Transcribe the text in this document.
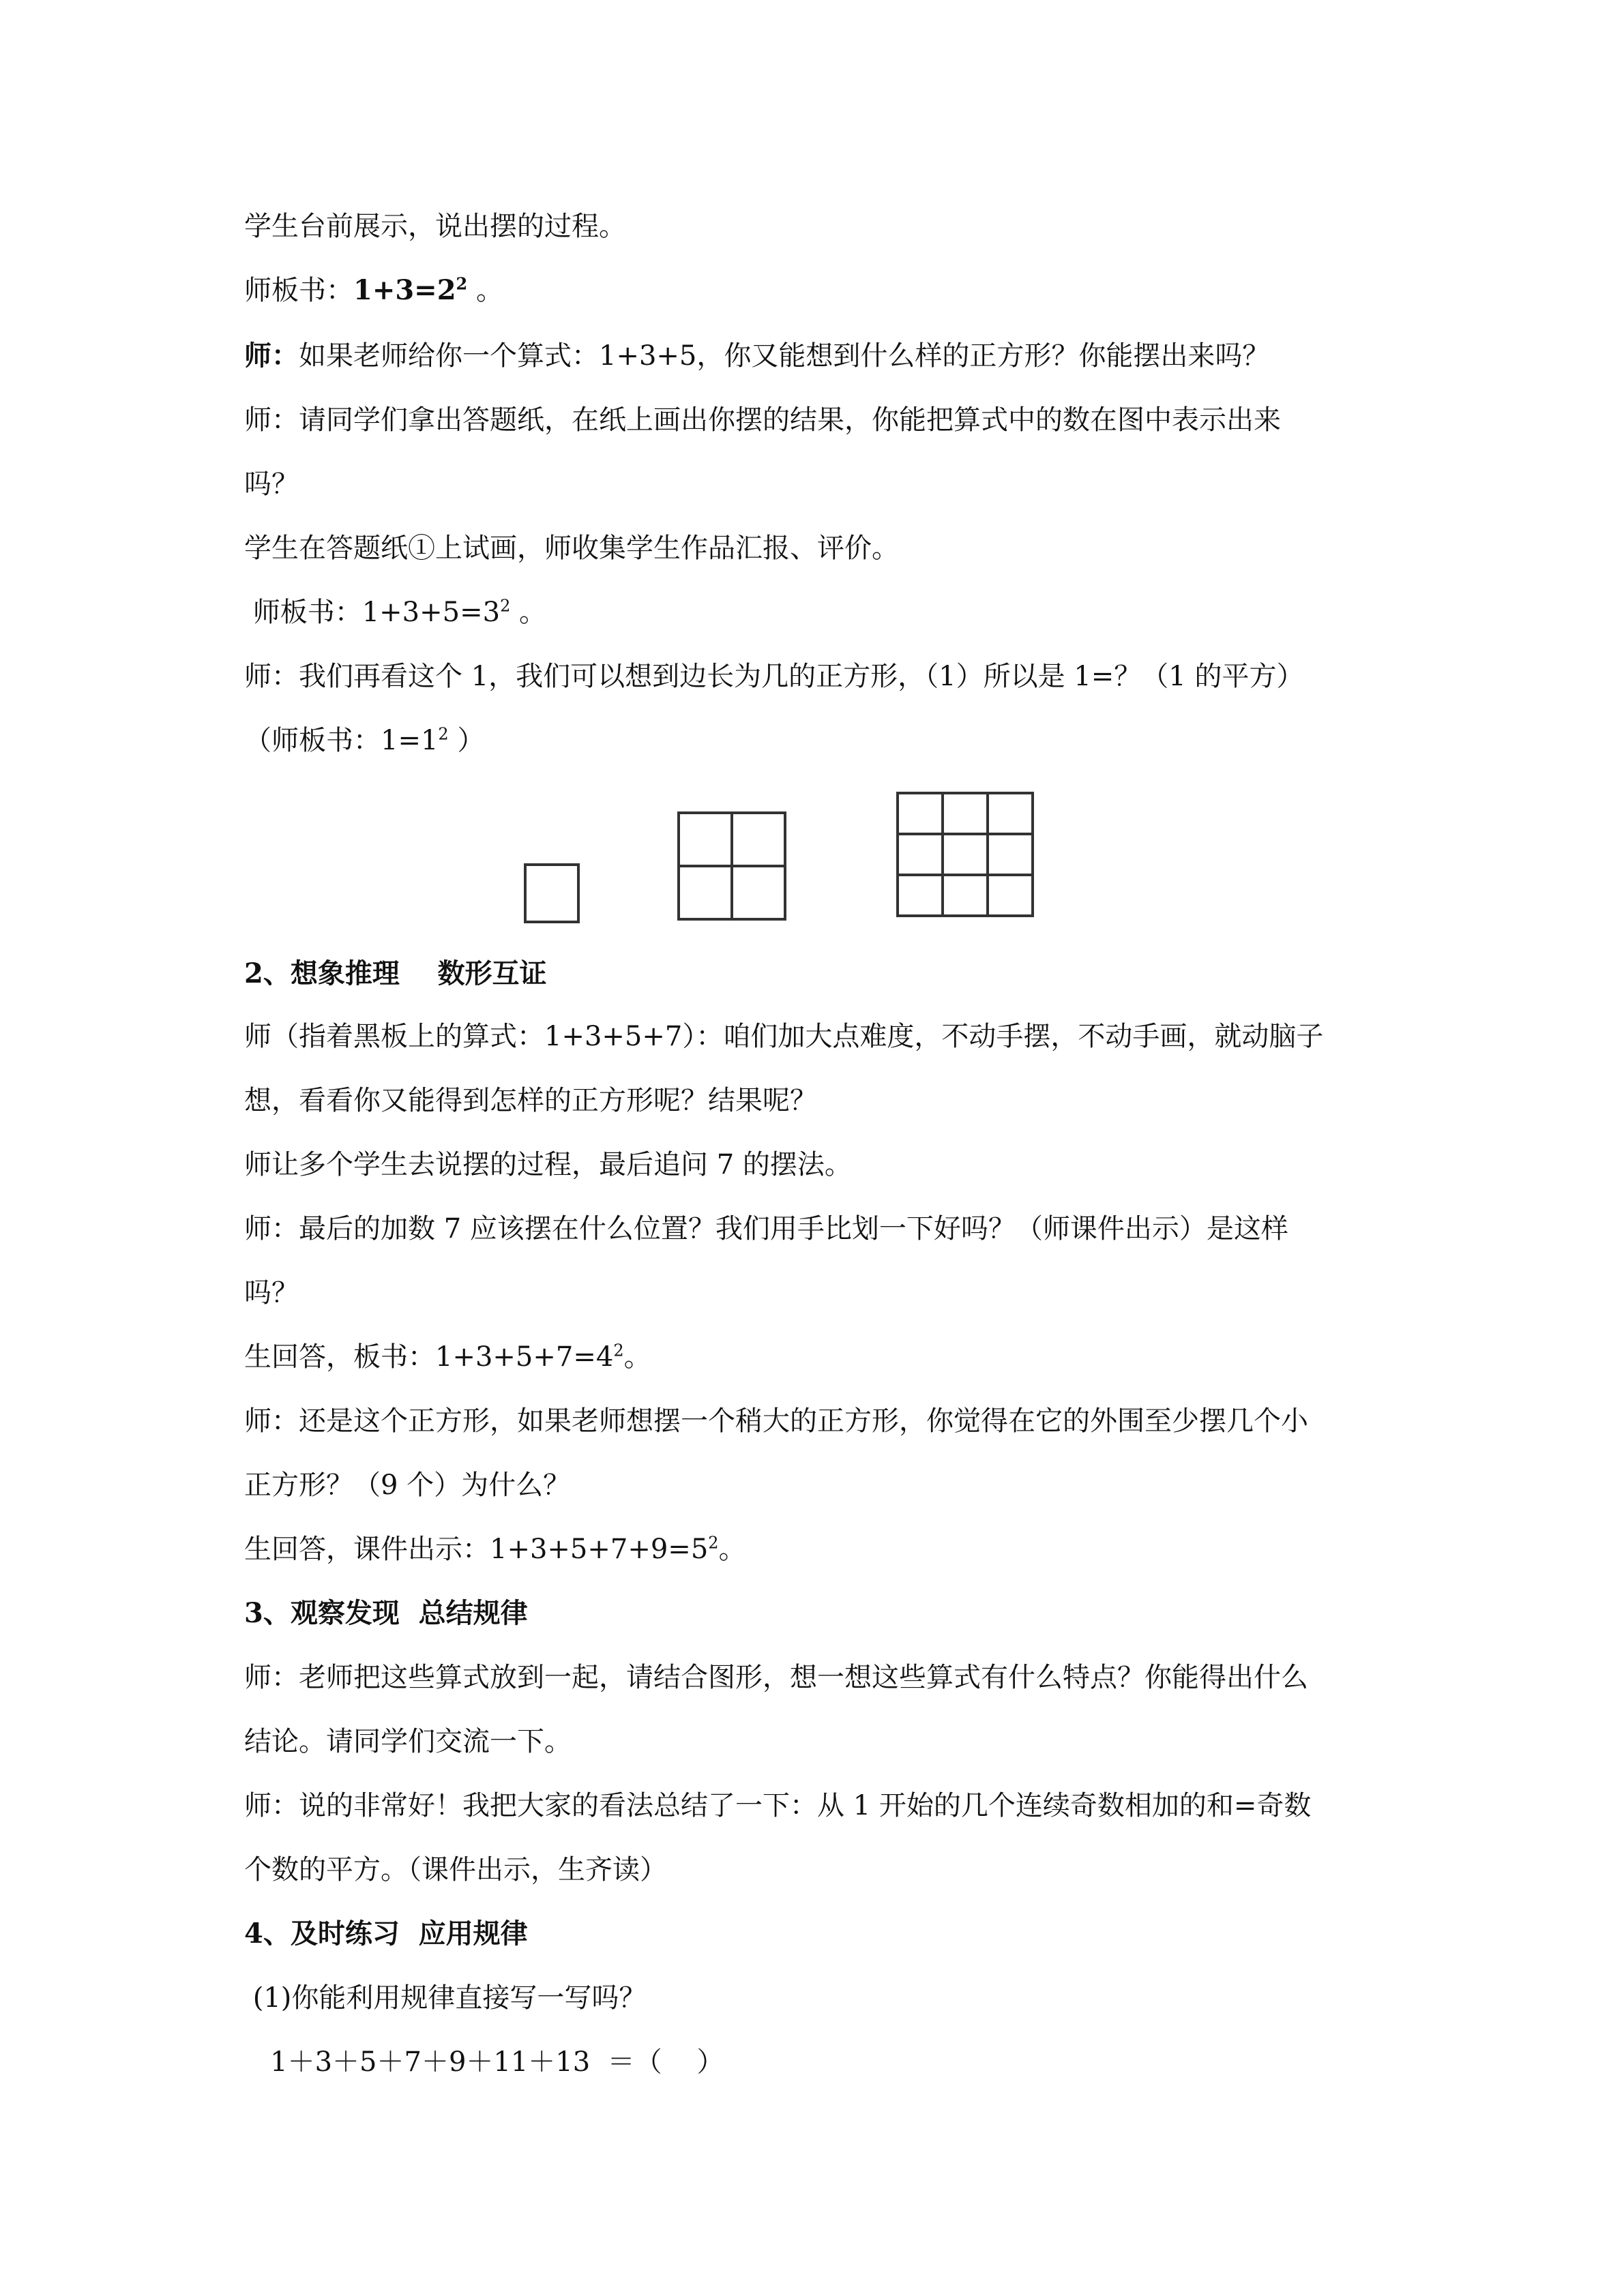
学生台前展示，说出摆的过程。

师板书：$1+3=2^2$ 。

师：如果老师给你一个算式：1+3+5，你又能想到什么样的正方形？你能摆出来吗？

师：请同学们拿出答题纸，在纸上画出你摆的结果，你能把算式中的数在图中表示出来

吗？

学生在答题纸①上试画，师收集学生作品汇报、评价。

师板书：$1+3+5=3^2$ 。

师：我们再看这个 1，我们可以想到边长为几的正方形，（1）所以是 1=？（1 的平方）

（师板书：$1=1^2$ ）

2、想象推理    数形互证

师（指着黑板上的算式：1+3+5+7）：咱们加大点难度，不动手摆，不动手画，就动脑子

想，看看你又能得到怎样的正方形呢？结果呢？

师让多个学生去说摆的过程，最后追问 7 的摆法。

师：最后的加数 7 应该摆在什么位置？我们用手比划一下好吗？（师课件出示）是这样

吗？

生回答，板书：$1+3+5+7=4^2$。

师：还是这个正方形，如果老师想摆一个稍大的正方形，你觉得在它的外围至少摆几个小

正方形？（9 个）为什么？

生回答，课件出示：$1+3+5+7+9=5^2$。

3、观察发现  总结规律

师：老师把这些算式放到一起，请结合图形，想一想这些算式有什么特点？你能得出什么

结论。请同学们交流一下。

师：说的非常好！我把大家的看法总结了一下：从 1 开始的几个连续奇数相加的和=奇数

个数的平方。（课件出示，生齐读）

4、及时练习  应用规律

(1)你能利用规律直接写一写吗？

1＋3＋5＋7＋9＋11＋13  ＝（    ）
